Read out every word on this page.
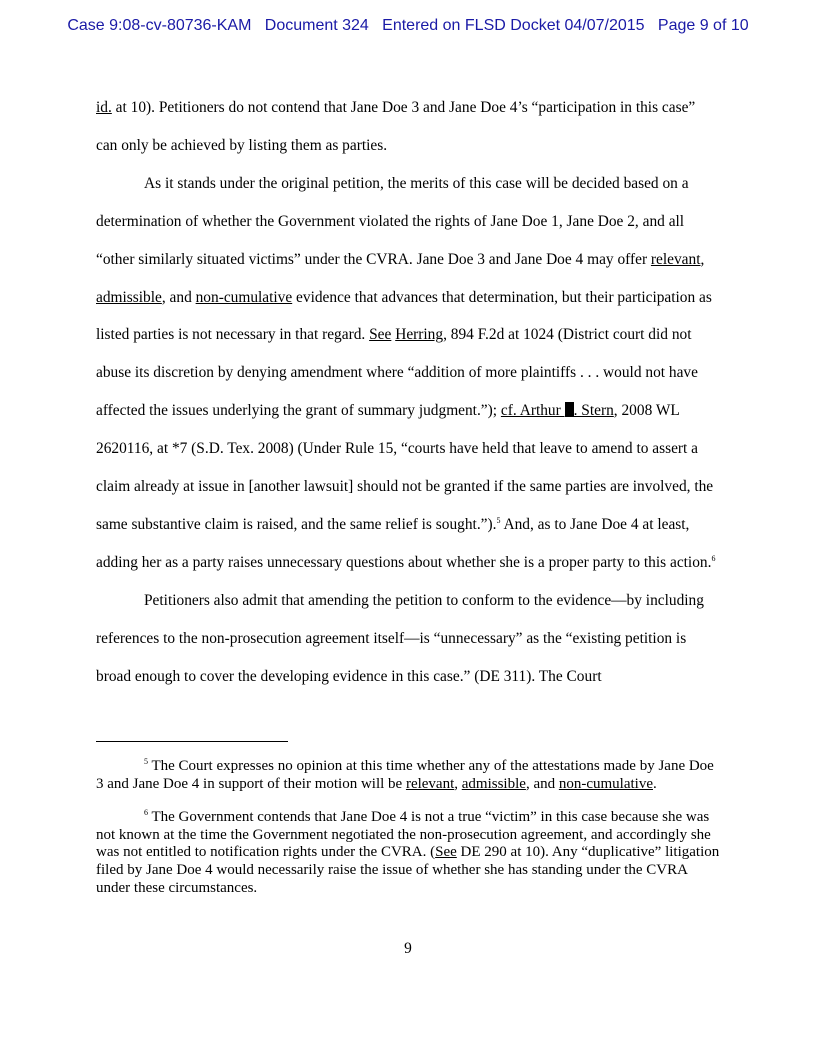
Case 9:08-cv-80736-KAM   Document 324   Entered on FLSD Docket 04/07/2015   Page 9 of 10

id. at 10). Petitioners do not contend that Jane Doe 3 and Jane Doe 4’s “participation in this case” can only be achieved by listing them as parties.

As it stands under the original petition, the merits of this case will be decided based on a determination of whether the Government violated the rights of Jane Doe 1, Jane Doe 2, and all “other similarly situated victims” under the CVRA. Jane Doe 3 and Jane Doe 4 may offer relevant, admissible, and non-cumulative evidence that advances that determination, but their participation as listed parties is not necessary in that regard. See Herring, 894 F.2d at 1024 (District court did not abuse its discretion by denying amendment where “addition of more plaintiffs . . . would not have affected the issues underlying the grant of summary judgment.”); cf. Arthur . Stern, 2008 WL 2620116, at *7 (S.D. Tex. 2008) (Under Rule 15, “courts have held that leave to amend to assert a claim already at issue in [another lawsuit] should not be granted if the same parties are involved, the same substantive claim is raised, and the same relief is sought.”).$^5$ And, as to Jane Doe 4 at least, adding her as a party raises unnecessary questions about whether she is a proper party to this action.$^6$

Petitioners also admit that amending the petition to conform to the evidence—by including references to the non-prosecution agreement itself—is “unnecessary” as the “existing petition is broad enough to cover the developing evidence in this case.” (DE 311). The Court

$^5$ The Court expresses no opinion at this time whether any of the attestations made by Jane Doe 3 and Jane Doe 4 in support of their motion will be relevant, admissible, and non-cumulative.

$^6$ The Government contends that Jane Doe 4 is not a true “victim” in this case because she was not known at the time the Government negotiated the non-prosecution agreement, and accordingly she was not entitled to notification rights under the CVRA. (See DE 290 at 10). Any “duplicative” litigation filed by Jane Doe 4 would necessarily raise the issue of whether she has standing under the CVRA under these circumstances.

9
